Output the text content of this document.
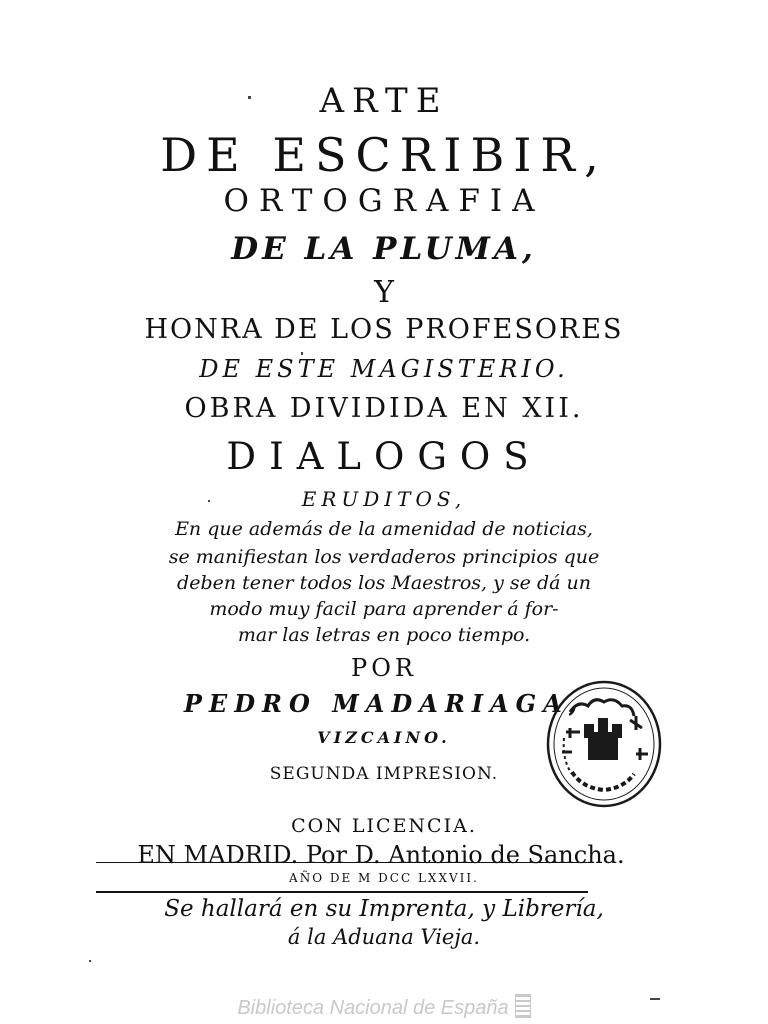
ARTE
DE ESCRIBIR,
ORTOGRAFIA
DE LA PLUMA,
Y
HONRA DE LOS PROFESORES
DE ESTE MAGISTERIO.
OBRA DIVIDIDA EN XII.
DIALOGOS
ERUDITOS,
En que además de la amenidad de noticias,
se manifiestan los verdaderos principios que
deben tener todos los Maestros, y se dá un
modo muy facil para aprender á for-
mar las letras en poco tiempo.
POR
PEDRO MADARIAGA,
VIZCAINO.
SEGUNDA IMPRESION.
CON LICENCIA.
EN MADRID. Por D. Antonio de Sancha.
AÑO DE M DCC LXXVII.
Se hallará en su Imprenta, y Librería,
á la Aduana Vieja.
Biblioteca Nacional de España
